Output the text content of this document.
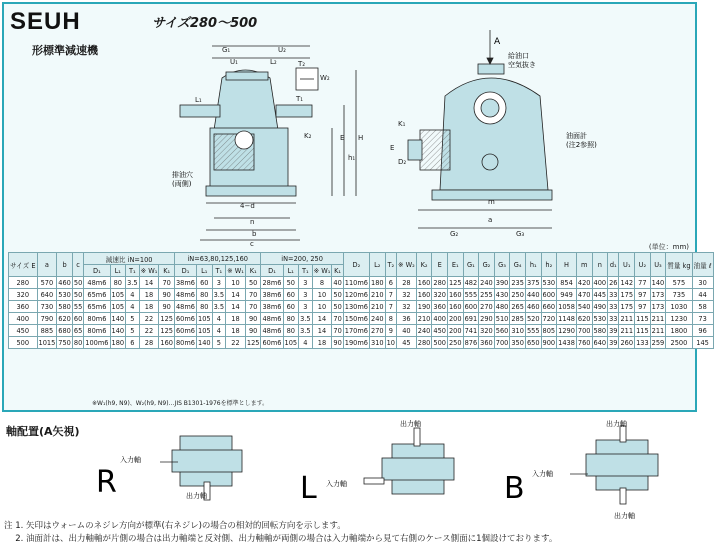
SEUH
形標準減速機
サイズ280～500
G₁	U₂
U₁	L₂
L₁	T₁
T₂
W₂
K₂	E H
h₁
n
b
c
4−d
排油穴
(両側)
E
D₂
K₁
m
a
G₂	G₃
A
給油口
空気抜き
油面計
(注2参照)
(単位：mm)
サイズ E	a	b	c	減速比 iN=100					iN=63,80,125,160					iN=200, 250					D₂	L₂	T₂	※ W₂	K₂	E	E₁	G₁	G₂	G₃	G₄	h₁	h₂	H	m	n	d₁	U₁	U₂	U₃	質量 kg	油量 ℓ
				D₁	L₁	T₁	※ W₁	K₁	D₁	L₁	T₁	※ W₁	K₁	D₁	L₁	T₁	※ W₁	K₁																						
280	570	460	50	48m6	80	3.5	14	70	38m6	60	3	10	50	28m6	50	3	8	40	110m6	180	6	28	160	280	125	482	240	390	235	375	530	854	420	400	26	142	77	140	575	30
320	640	530	50	65m6	105	4	18	90	48m6	80	3.5	14	70	38m6	60	3	10	50	120m6	210	7	32	160	320	160	555	255	430	250	440	600	949	470	445	33	175	97	173	735	44
360	730	580	55	65m6	105	4	18	90	48m6	80	3.5	14	70	38m6	60	3	10	50	130m6	210	7	32	190	360	160	600	270	480	265	460	660	1058	540	490	33	175	97	173	1030	58
400	790	620	60	80m6	140	5	22	125	60m6	105	4	18	90	48m6	80	3.5	14	70	150m6	240	8	36	210	400	200	691	290	510	285	520	720	1148	620	530	33	211	115	211	1230	73
450	885	680	65	80m6	140	5	22	125	60m6	105	4	18	90	48m6	80	3.5	14	70	170m6	270	9	40	240	450	200	741	320	560	310	555	805	1290	700	580	39	211	115	211	1800	96
500	1015	750	80	100m6	180	6	28	160	80m6	140	5	22	125	60m6	105	4	18	90	190m6	310	10	45	280	500	250	876	360	700	350	650	900	1438	760	640	39	260	133	259	2500	145
※W₁(h9, N9)、W₂(h9, N9)…JIS B1301-1976を標準とします。
軸配置(A矢視)
R	L	B
入力軸
出力軸
出力軸
入力軸
出力軸
入力軸
出力軸
注 1. 矢印はウォームのネジレ方向が標準(右ネジレ)の場合の相対的回転方向を示します。
　 2. 油面計は、出力軸軸が片側の場合は出力軸端と反対側、出力軸軸が両側の場合は入力軸端から見て右側のケース側面に1個設けております。
